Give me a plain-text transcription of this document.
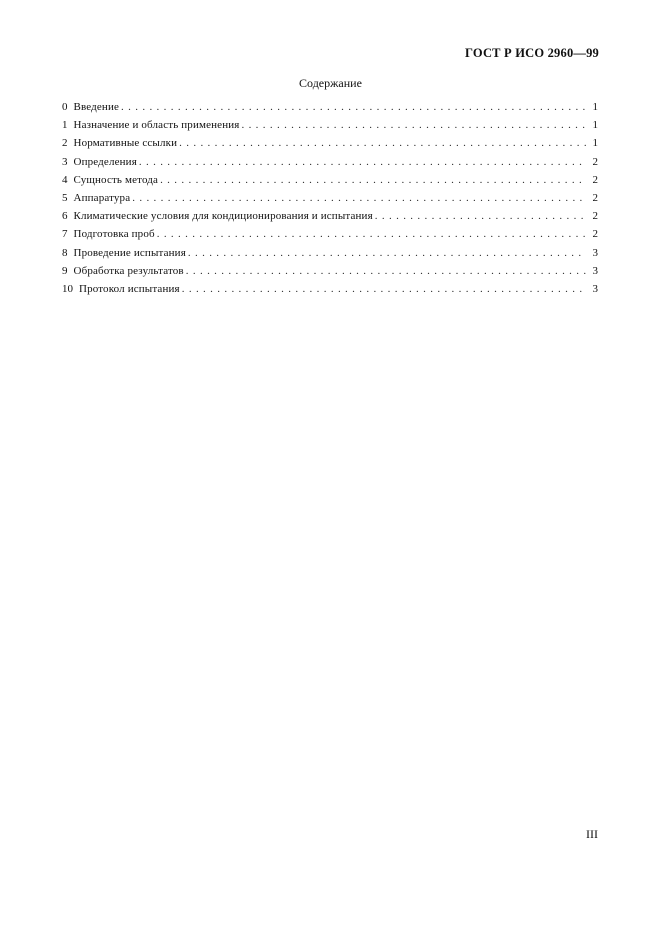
ГОСТ Р ИСО 2960—99
Содержание
0 Введение . . .	1
1 Назначение и область применения . . .	1
2 Нормативные ссылки . . .	1
3 Определения . . .	2
4 Сущность метода . . .	2
5 Аппаратура . . .	2
6 Климатические условия для кондиционирования и испытания . . .	2
7 Подготовка проб . . .	2
8 Проведение испытания . . .	3
9 Обработка результатов . . .	3
10 Протокол испытания . . .	3
III
